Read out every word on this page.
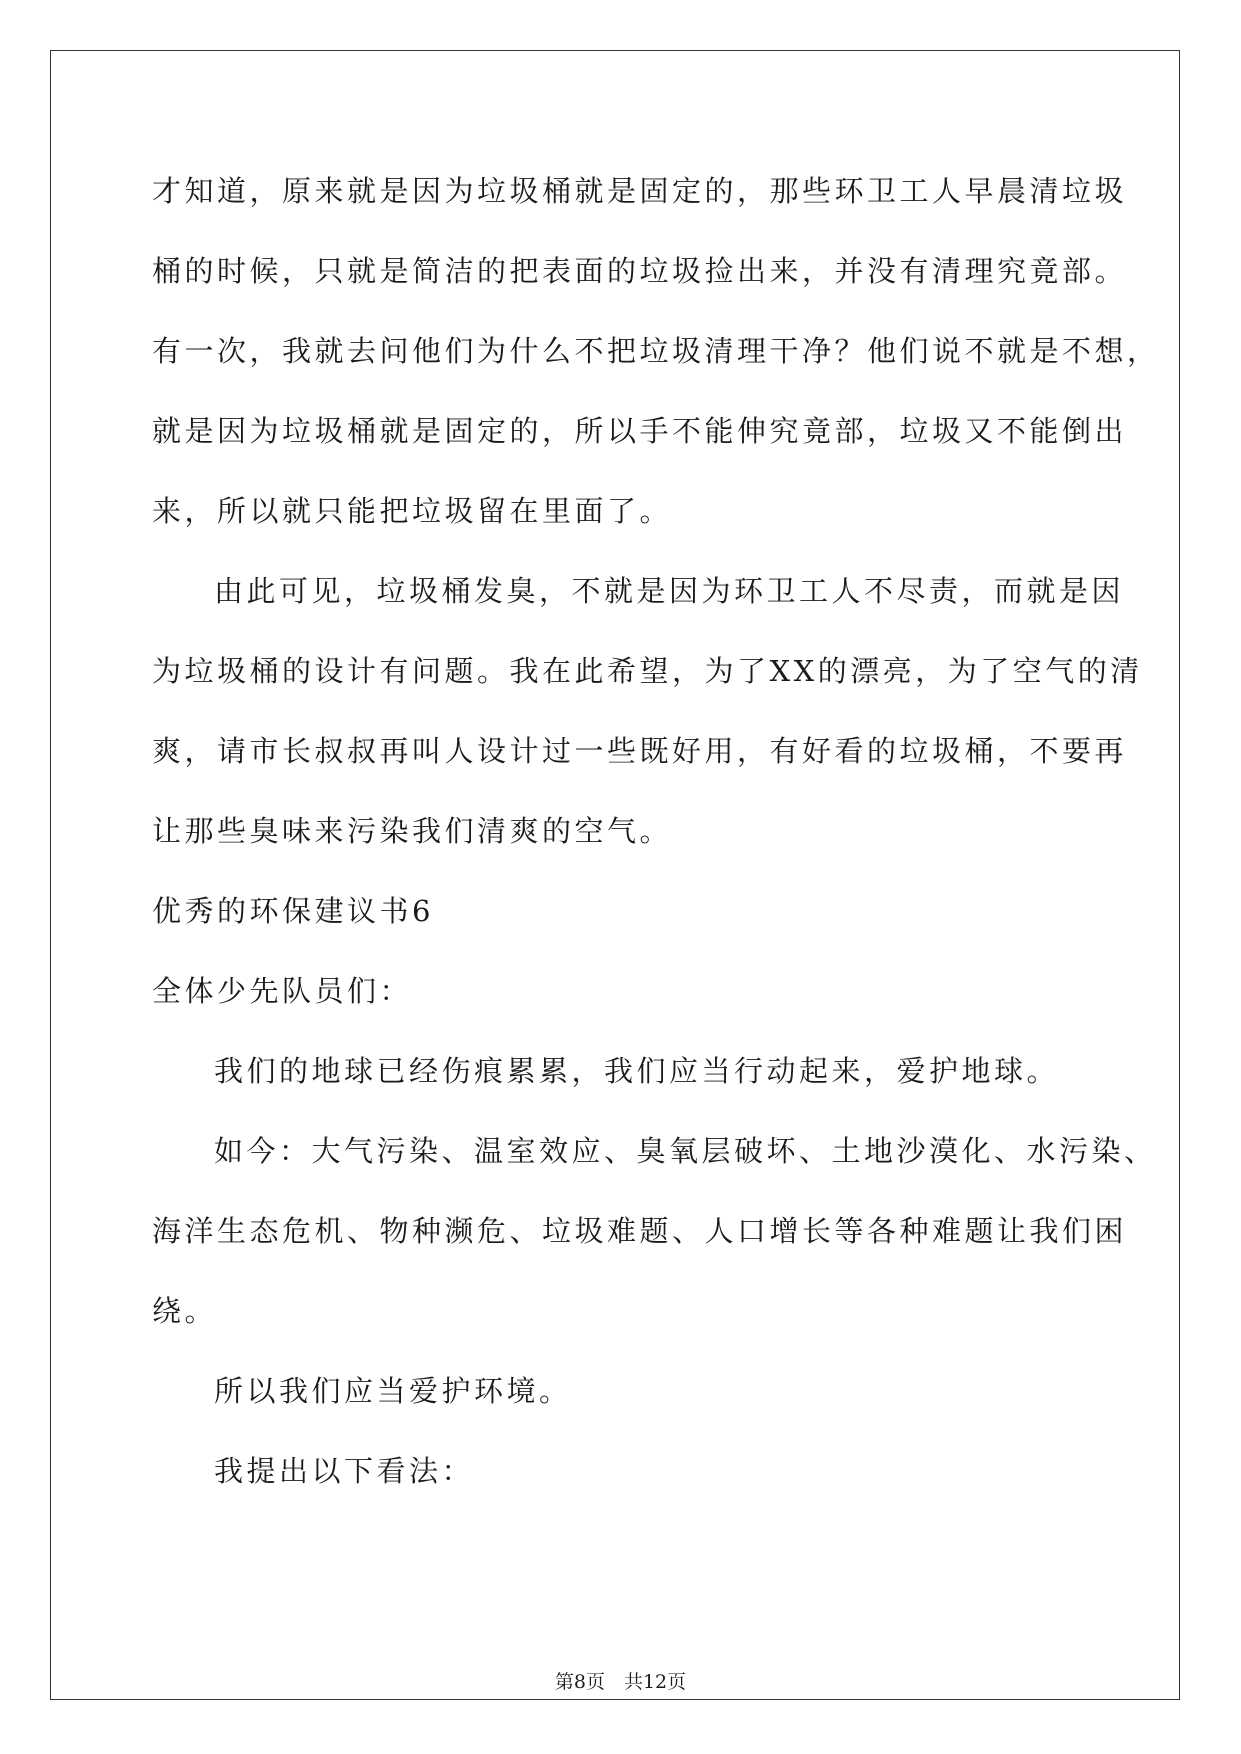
才知道，原来就是因为垃圾桶就是固定的，那些环卫工人早晨清垃圾
桶的时候，只就是简洁的把表面的垃圾捡出来，并没有清理究竟部。
有一次，我就去问他们为什么不把垃圾清理干净？他们说不就是不想，
就是因为垃圾桶就是固定的，所以手不能伸究竟部，垃圾又不能倒出
来，所以就只能把垃圾留在里面了。
由此可见，垃圾桶发臭，不就是因为环卫工人不尽责，而就是因
为垃圾桶的设计有问题。我在此希望，为了XX的漂亮，为了空气的清
爽，请市长叔叔再叫人设计过一些既好用，有好看的垃圾桶，不要再
让那些臭味来污染我们清爽的空气。
优秀的环保建议书6
全体少先队员们：
我们的地球已经伤痕累累，我们应当行动起来，爱护地球。
如今：大气污染、温室效应、臭氧层破坏、土地沙漠化、水污染、
海洋生态危机、物种濒危、垃圾难题、人口增长等各种难题让我们困
绕。
所以我们应当爱护环境。
我提出以下看法：
第8页　共12页
